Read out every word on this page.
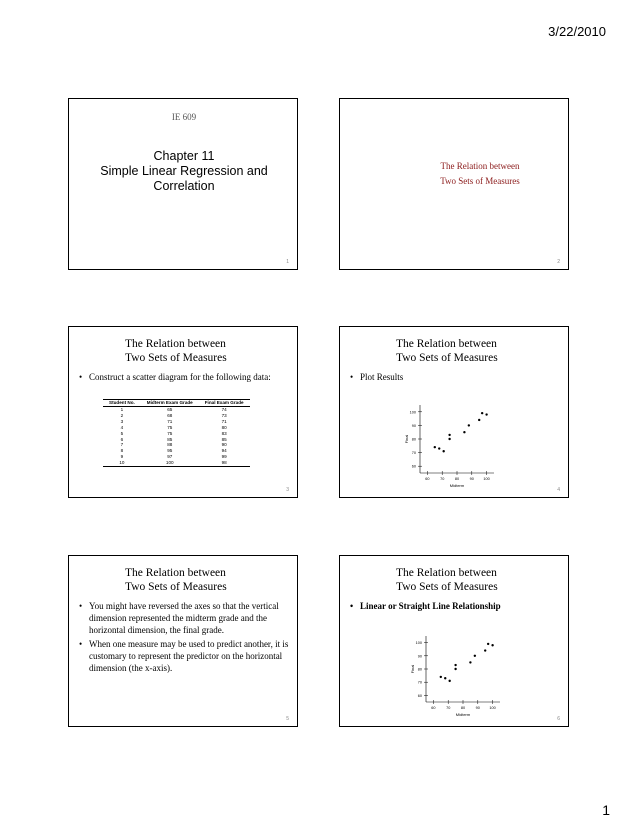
3/22/2010
IE 609
Chapter 11
Simple Linear Regression and
Correlation
1
The Relation between
Two Sets of Measures
2
The Relation between
Two Sets of Measures
• Construct a scatter diagram for the following data:
Student No.	Midterm Exam Grade	Final Exam Grade
1	65	74
2	68	73
3	71	71
4	75	80
5	75	83
6	85	85
7	88	90
8	95	94
9	97	99
10	100	98
3
The Relation between
Two Sets of Measures
• Plot Results
60
70
80
90
100
60	70	80	90	100
Midterm
Final
4
The Relation between
Two Sets of Measures
• You might have reversed the axes so that the vertical dimension represented the midterm grade and the horizontal dimension, the final grade.
• When one measure may be used to predict another, it is customary to represent the predictor on the horizontal dimension (the x-axis).
5
The Relation between
Two Sets of Measures
• Linear or Straight Line Relationship
60
70
80
90
100
60	70	80	90	100
Midterm
Final
6
1
